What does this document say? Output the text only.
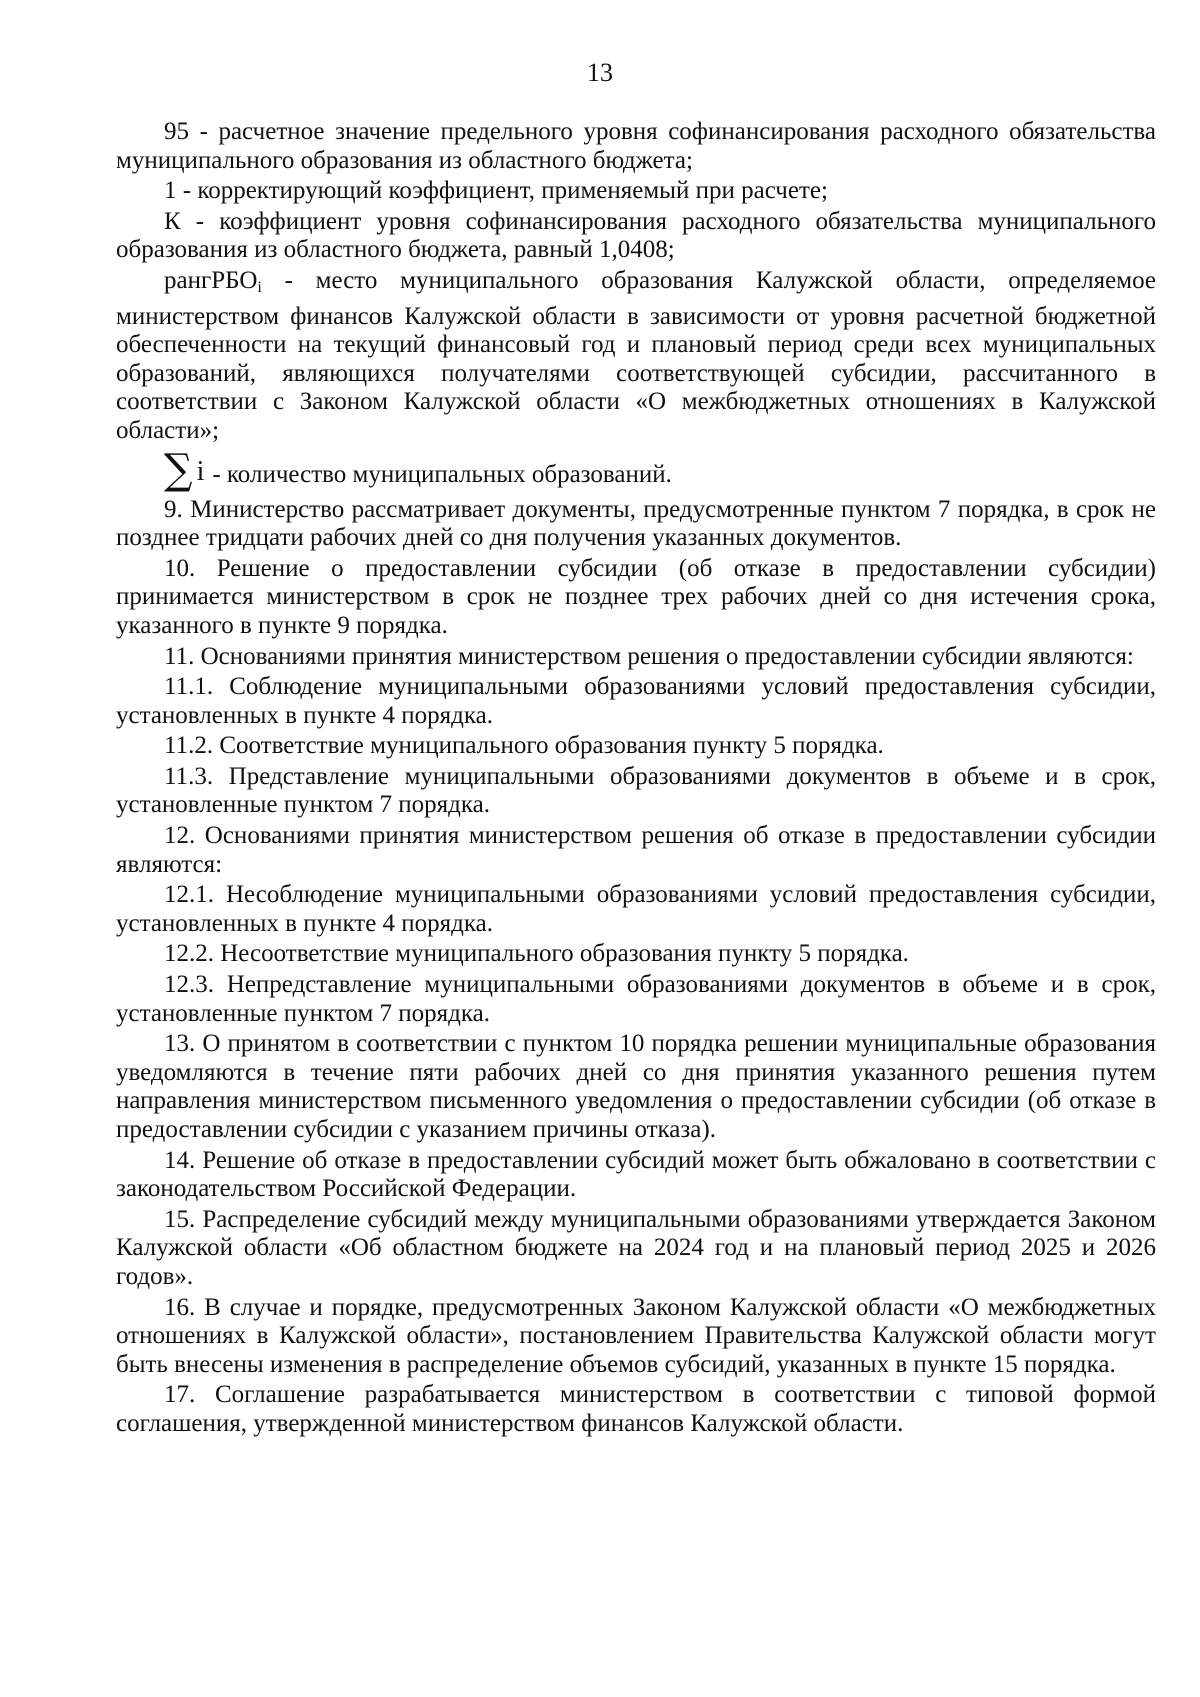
13

95 - расчетное значение предельного уровня софинансирования расходного обязательства муниципального образования из областного бюджета;

1 - корректирующий коэффициент, применяемый при расчете;

К - коэффициент уровня софинансирования расходного обязательства муниципального образования из областного бюджета, равный 1,0408;

рангРБО$_i$ - место муниципального образования Калужской области, определяемое министерством финансов Калужской области в зависимости от уровня расчетной бюджетной обеспеченности на текущий финансовый год и плановый период среди всех муниципальных образований, являющихся получателями соответствующей субсидии, рассчитанного в соответствии с Законом Калужской области «О межбюджетных отношениях в Калужской области»;

∑ i - количество муниципальных образований.

9. Министерство рассматривает документы, предусмотренные пунктом 7 порядка, в срок не позднее тридцати рабочих дней со дня получения указанных документов.

10. Решение о предоставлении субсидии (об отказе в предоставлении субсидии) принимается министерством в срок не позднее трех рабочих дней со дня истечения срока, указанного в пункте 9 порядка.

11. Основаниями принятия министерством решения о предоставлении субсидии являются:

11.1. Соблюдение муниципальными образованиями условий предоставления субсидии, установленных в пункте 4 порядка.

11.2. Соответствие муниципального образования пункту 5 порядка.

11.3. Представление муниципальными образованиями документов в объеме и в срок, установленные пунктом 7 порядка.

12. Основаниями принятия министерством решения об отказе в предоставлении субсидии являются:

12.1. Несоблюдение муниципальными образованиями условий предоставления субсидии, установленных в пункте 4 порядка.

12.2. Несоответствие муниципального образования пункту 5 порядка.

12.3. Непредставление муниципальными образованиями документов в объеме и в срок, установленные пунктом 7 порядка.

13. О принятом в соответствии с пунктом 10 порядка решении муниципальные образования уведомляются в течение пяти рабочих дней со дня принятия указанного решения путем направления министерством письменного уведомления о предоставлении субсидии (об отказе в предоставлении субсидии с указанием причины отказа).

14. Решение об отказе в предоставлении субсидий может быть обжаловано в соответствии с законодательством Российской Федерации.

15. Распределение субсидий между муниципальными образованиями утверждается Законом Калужской области «Об областном бюджете на 2024 год и на плановый период 2025 и 2026 годов».

16. В случае и порядке, предусмотренных Законом Калужской области «О межбюджетных отношениях в Калужской области», постановлением Правительства Калужской области могут быть внесены изменения в распределение объемов субсидий, указанных в пункте 15 порядка.

17. Соглашение разрабатывается министерством в соответствии с типовой формой соглашения, утвержденной министерством финансов Калужской области.
